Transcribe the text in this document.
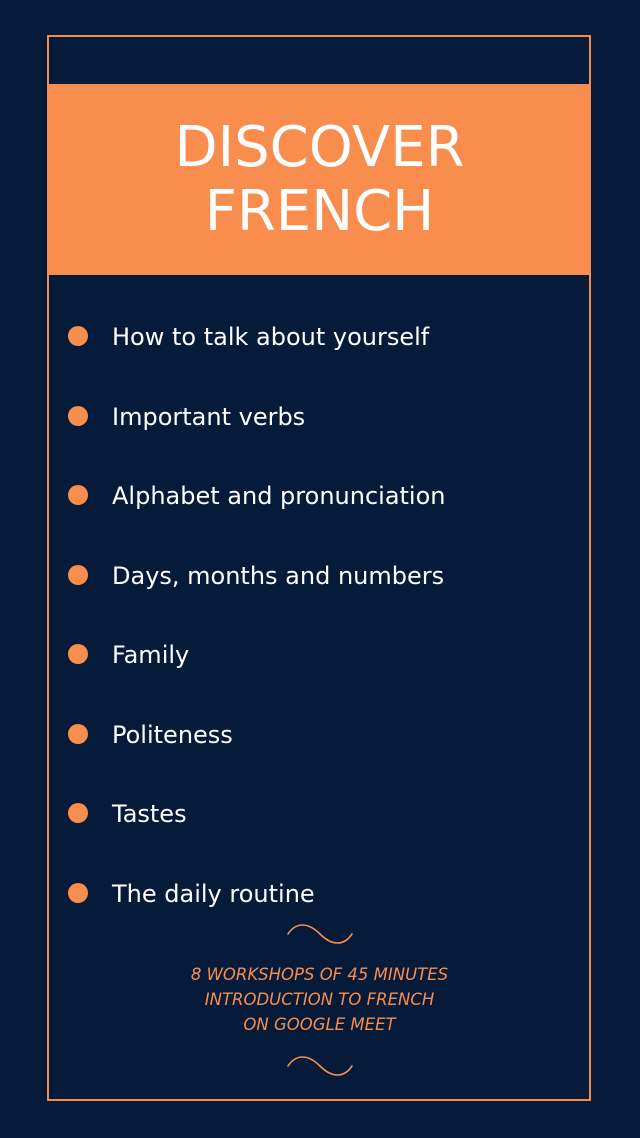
DISCOVER
FRENCH
How to talk about yourself
Important verbs
Alphabet and pronunciation
Days, months and numbers
Family
Politeness
Tastes
The daily routine
8 WORKSHOPS OF 45 MINUTES
INTRODUCTION TO FRENCH
ON GOOGLE MEET
